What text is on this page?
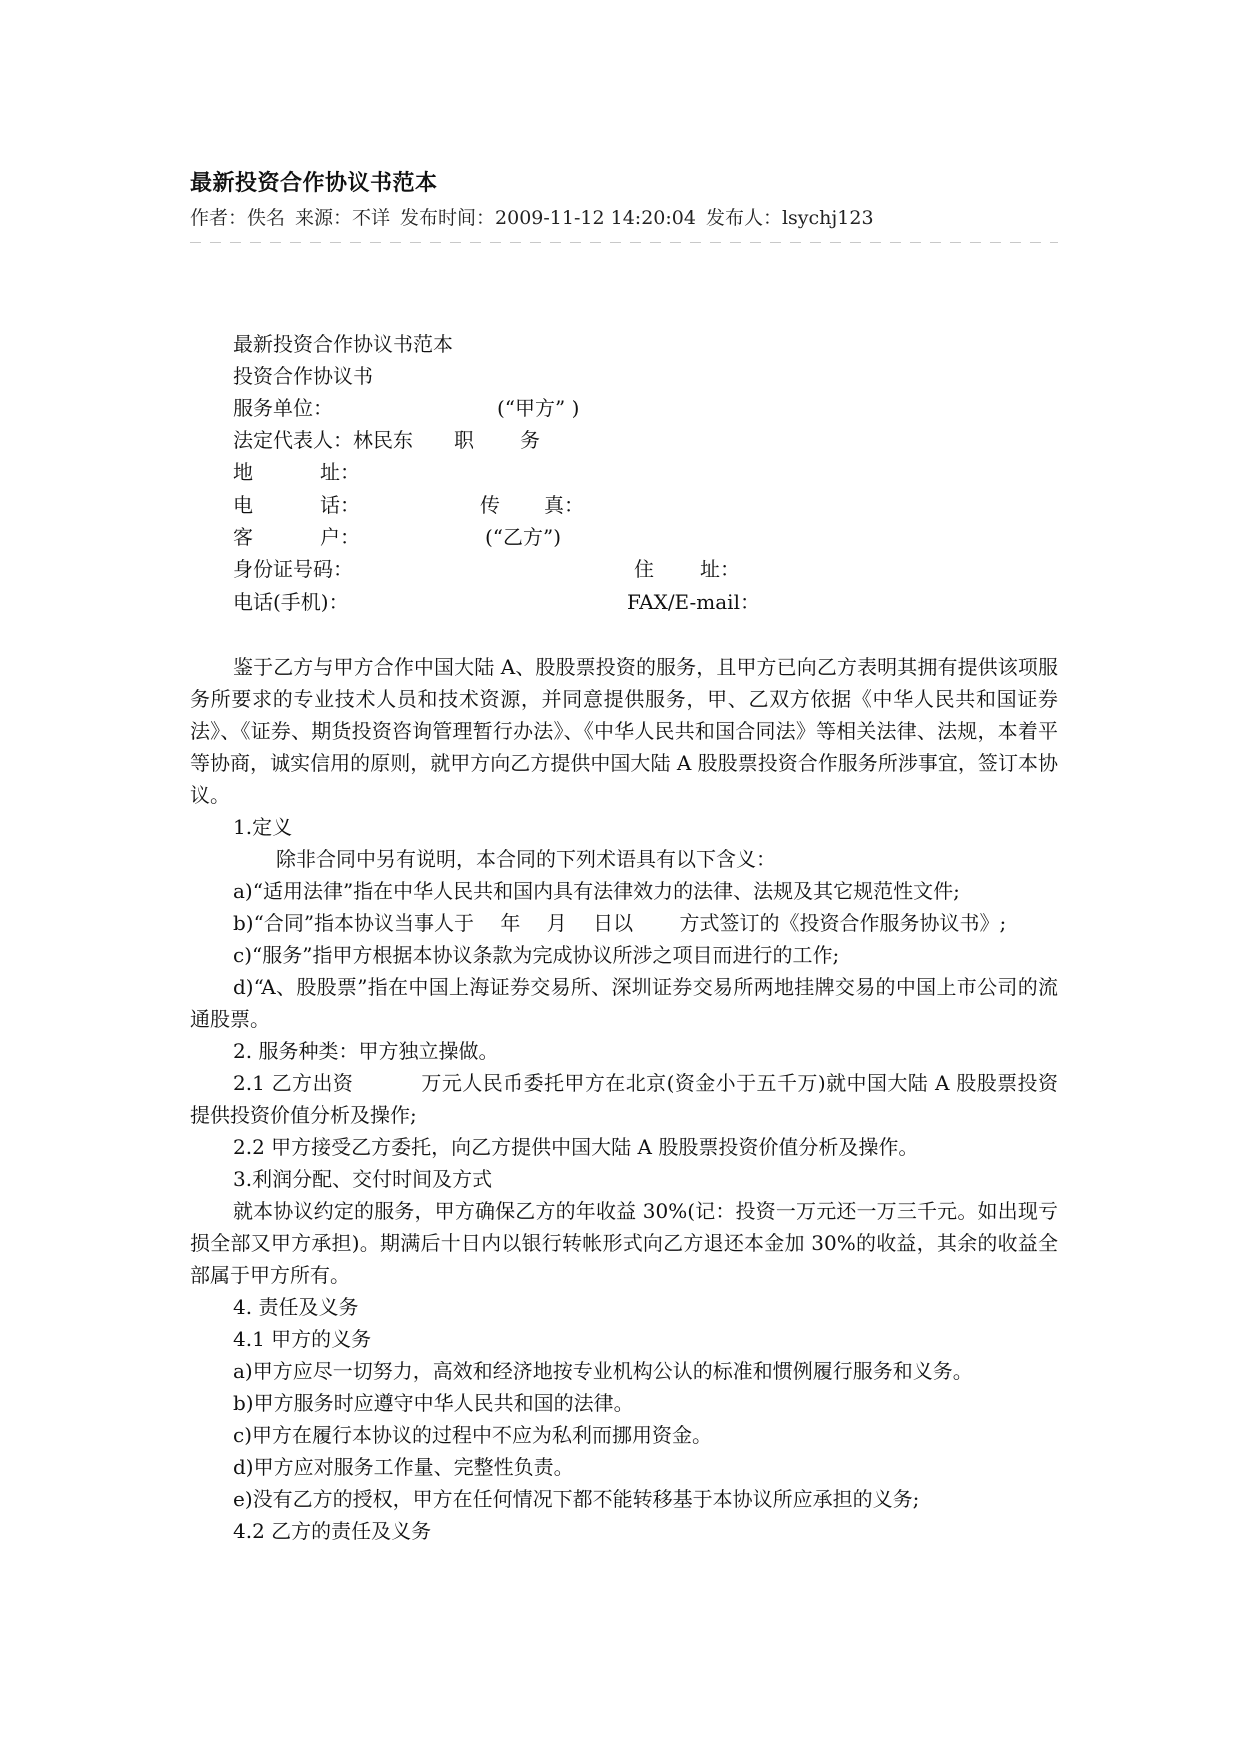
最新投资合作协议书范本
作者：佚名 来源：不详 发布时间：2009-11-12 14:20:04 发布人：lsychj123
最新投资合作协议书范本
投资合作协议书
服务单位：	(“甲方” )
法定代表人：林民东 职 务
地	址：
电	话：	传 真：
客	户：	(“乙方”)
身份证号码：	住 址：
电话(手机)：	FAX/E-mail：

鉴于乙方与甲方合作中国大陆 A、股股票投资的服务，且甲方已向乙方表明其拥有提供该项服务所要求的专业技术人员和技术资源，并同意提供服务，甲、乙双方依据《中华人民共和国证券法》、《证券、期货投资咨询管理暂行办法》、《中华人民共和国合同法》等相关法律、法规，本着平等协商，诚实信用的原则，就甲方向乙方提供中国大陆 A 股股票投资合作服务所涉事宜，签订本协议。

1.定义

除非合同中另有说明，本合同的下列术语具有以下含义：

a)“适用法律”指在中华人民共和国内具有法律效力的法律、法规及其它规范性文件;

b)“合同”指本协议当事人于　 年　 月　 日以　　 方式签订的《投资合作服务协议书》;

c)“服务”指甲方根据本协议条款为完成协议所涉之项目而进行的工作;

d)“A、股股票”指在中国上海证券交易所、深圳证券交易所两地挂牌交易的中国上市公司的流通股票。

2. 服务种类：甲方独立操做。

2.1 乙方出资　　　 万元人民币委托甲方在北京(资金小于五千万)就中国大陆 A 股股票投资提供投资价值分析及操作;

2.2 甲方接受乙方委托，向乙方提供中国大陆 A 股股票投资价值分析及操作。

3.利润分配、交付时间及方式

就本协议约定的服务，甲方确保乙方的年收益 30%(记：投资一万元还一万三千元。如出现亏损全部又甲方承担)。期满后十日内以银行转帐形式向乙方退还本金加 30%的收益，其余的收益全部属于甲方所有。

4. 责任及义务

4.1 甲方的义务

a)甲方应尽一切努力，高效和经济地按专业机构公认的标准和惯例履行服务和义务。

b)甲方服务时应遵守中华人民共和国的法律。

c)甲方在履行本协议的过程中不应为私利而挪用资金。

d)甲方应对服务工作量、完整性负责。

e)没有乙方的授权，甲方在任何情况下都不能转移基于本协议所应承担的义务;

4.2 乙方的责任及义务
